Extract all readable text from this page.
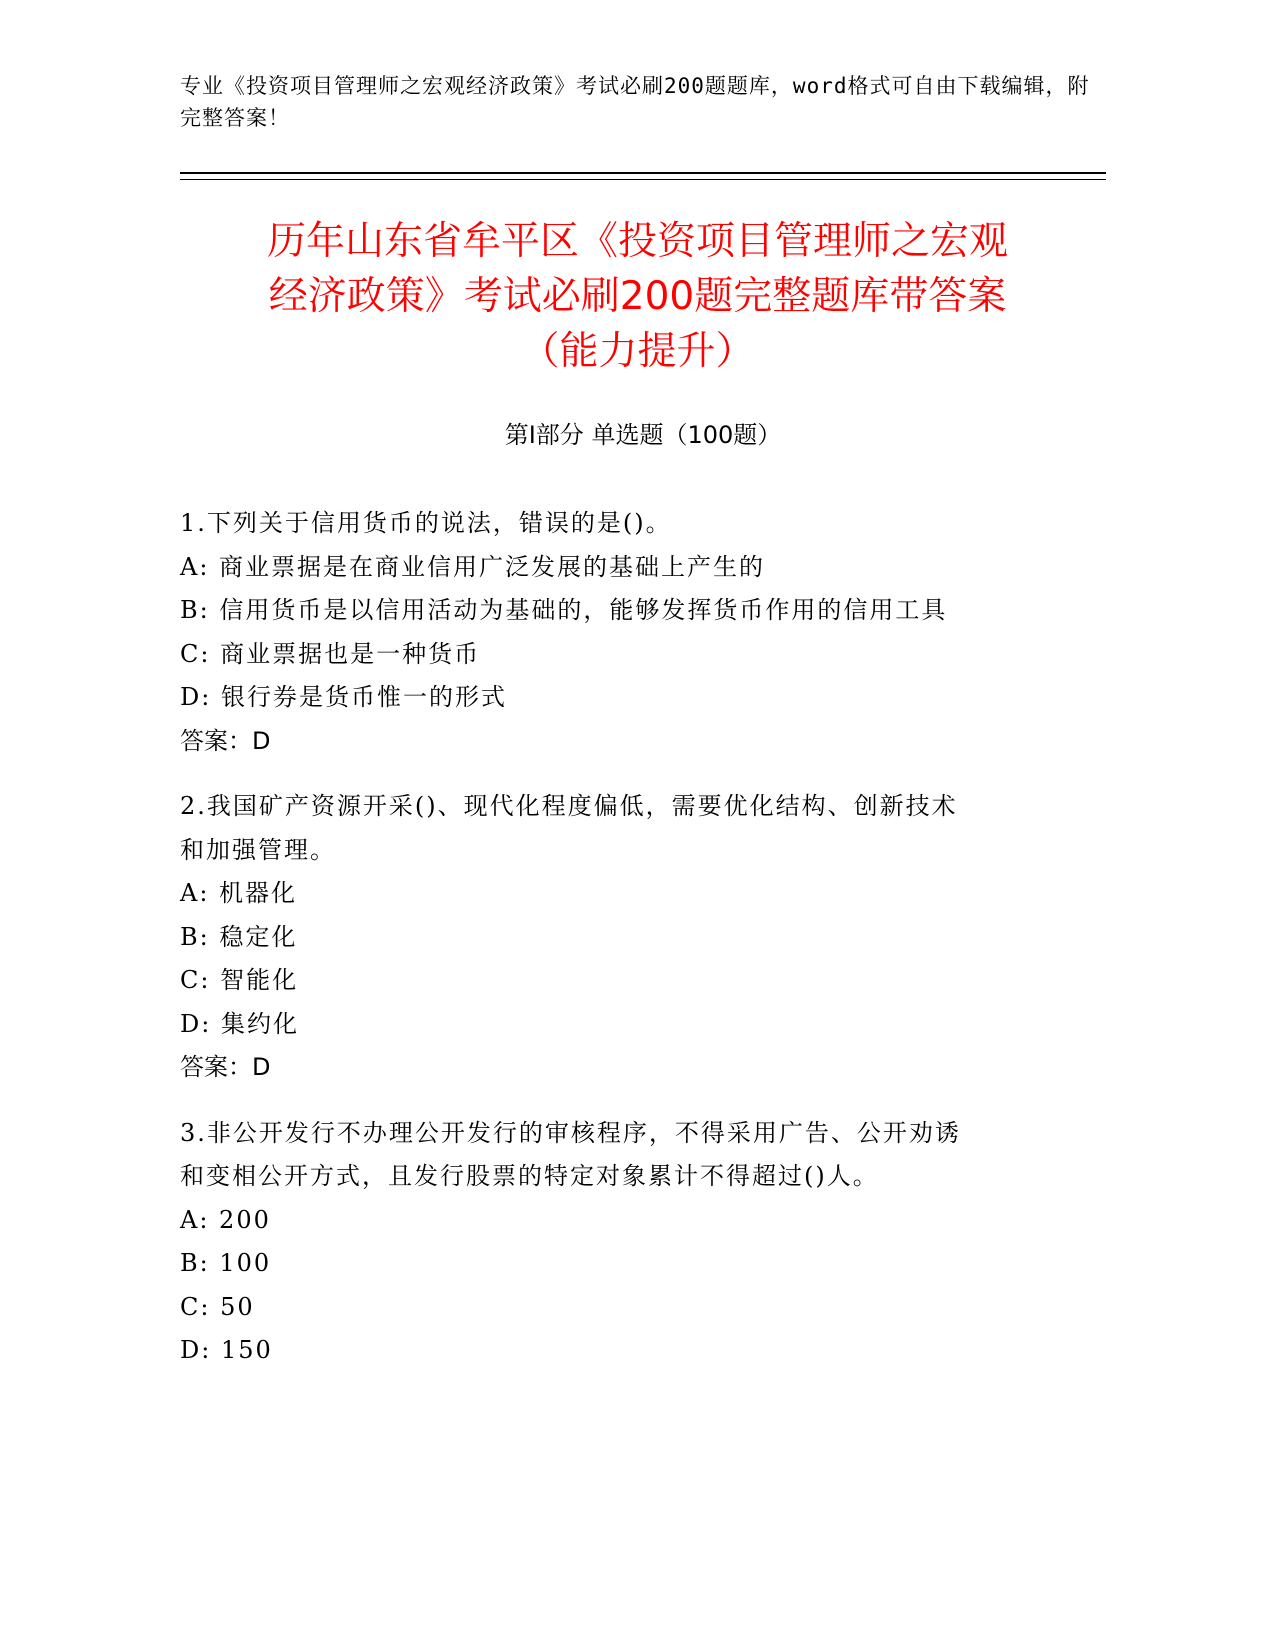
专业《投资项目管理师之宏观经济政策》考试必刷200题题库，word格式可自由下载编辑，附完整答案！
历年山东省牟平区《投资项目管理师之宏观
经济政策》考试必刷200题完整题库带答案
（能力提升）
第I部分 单选题（100题）
1.下列关于信用货币的说法，错误的是()。
A: 商业票据是在商业信用广泛发展的基础上产生的
B: 信用货币是以信用活动为基础的，能够发挥货币作用的信用工具
C: 商业票据也是一种货币
D: 银行券是货币惟一的形式
答案：D
2.我国矿产资源开采()、现代化程度偏低，需要优化结构、创新技术
和加强管理。
A: 机器化
B: 稳定化
C: 智能化
D: 集约化
答案：D
3.非公开发行不办理公开发行的审核程序，不得采用广告、公开劝诱
和变相公开方式，且发行股票的特定对象累计不得超过()人。
A: 200
B: 100
C: 50
D: 150
